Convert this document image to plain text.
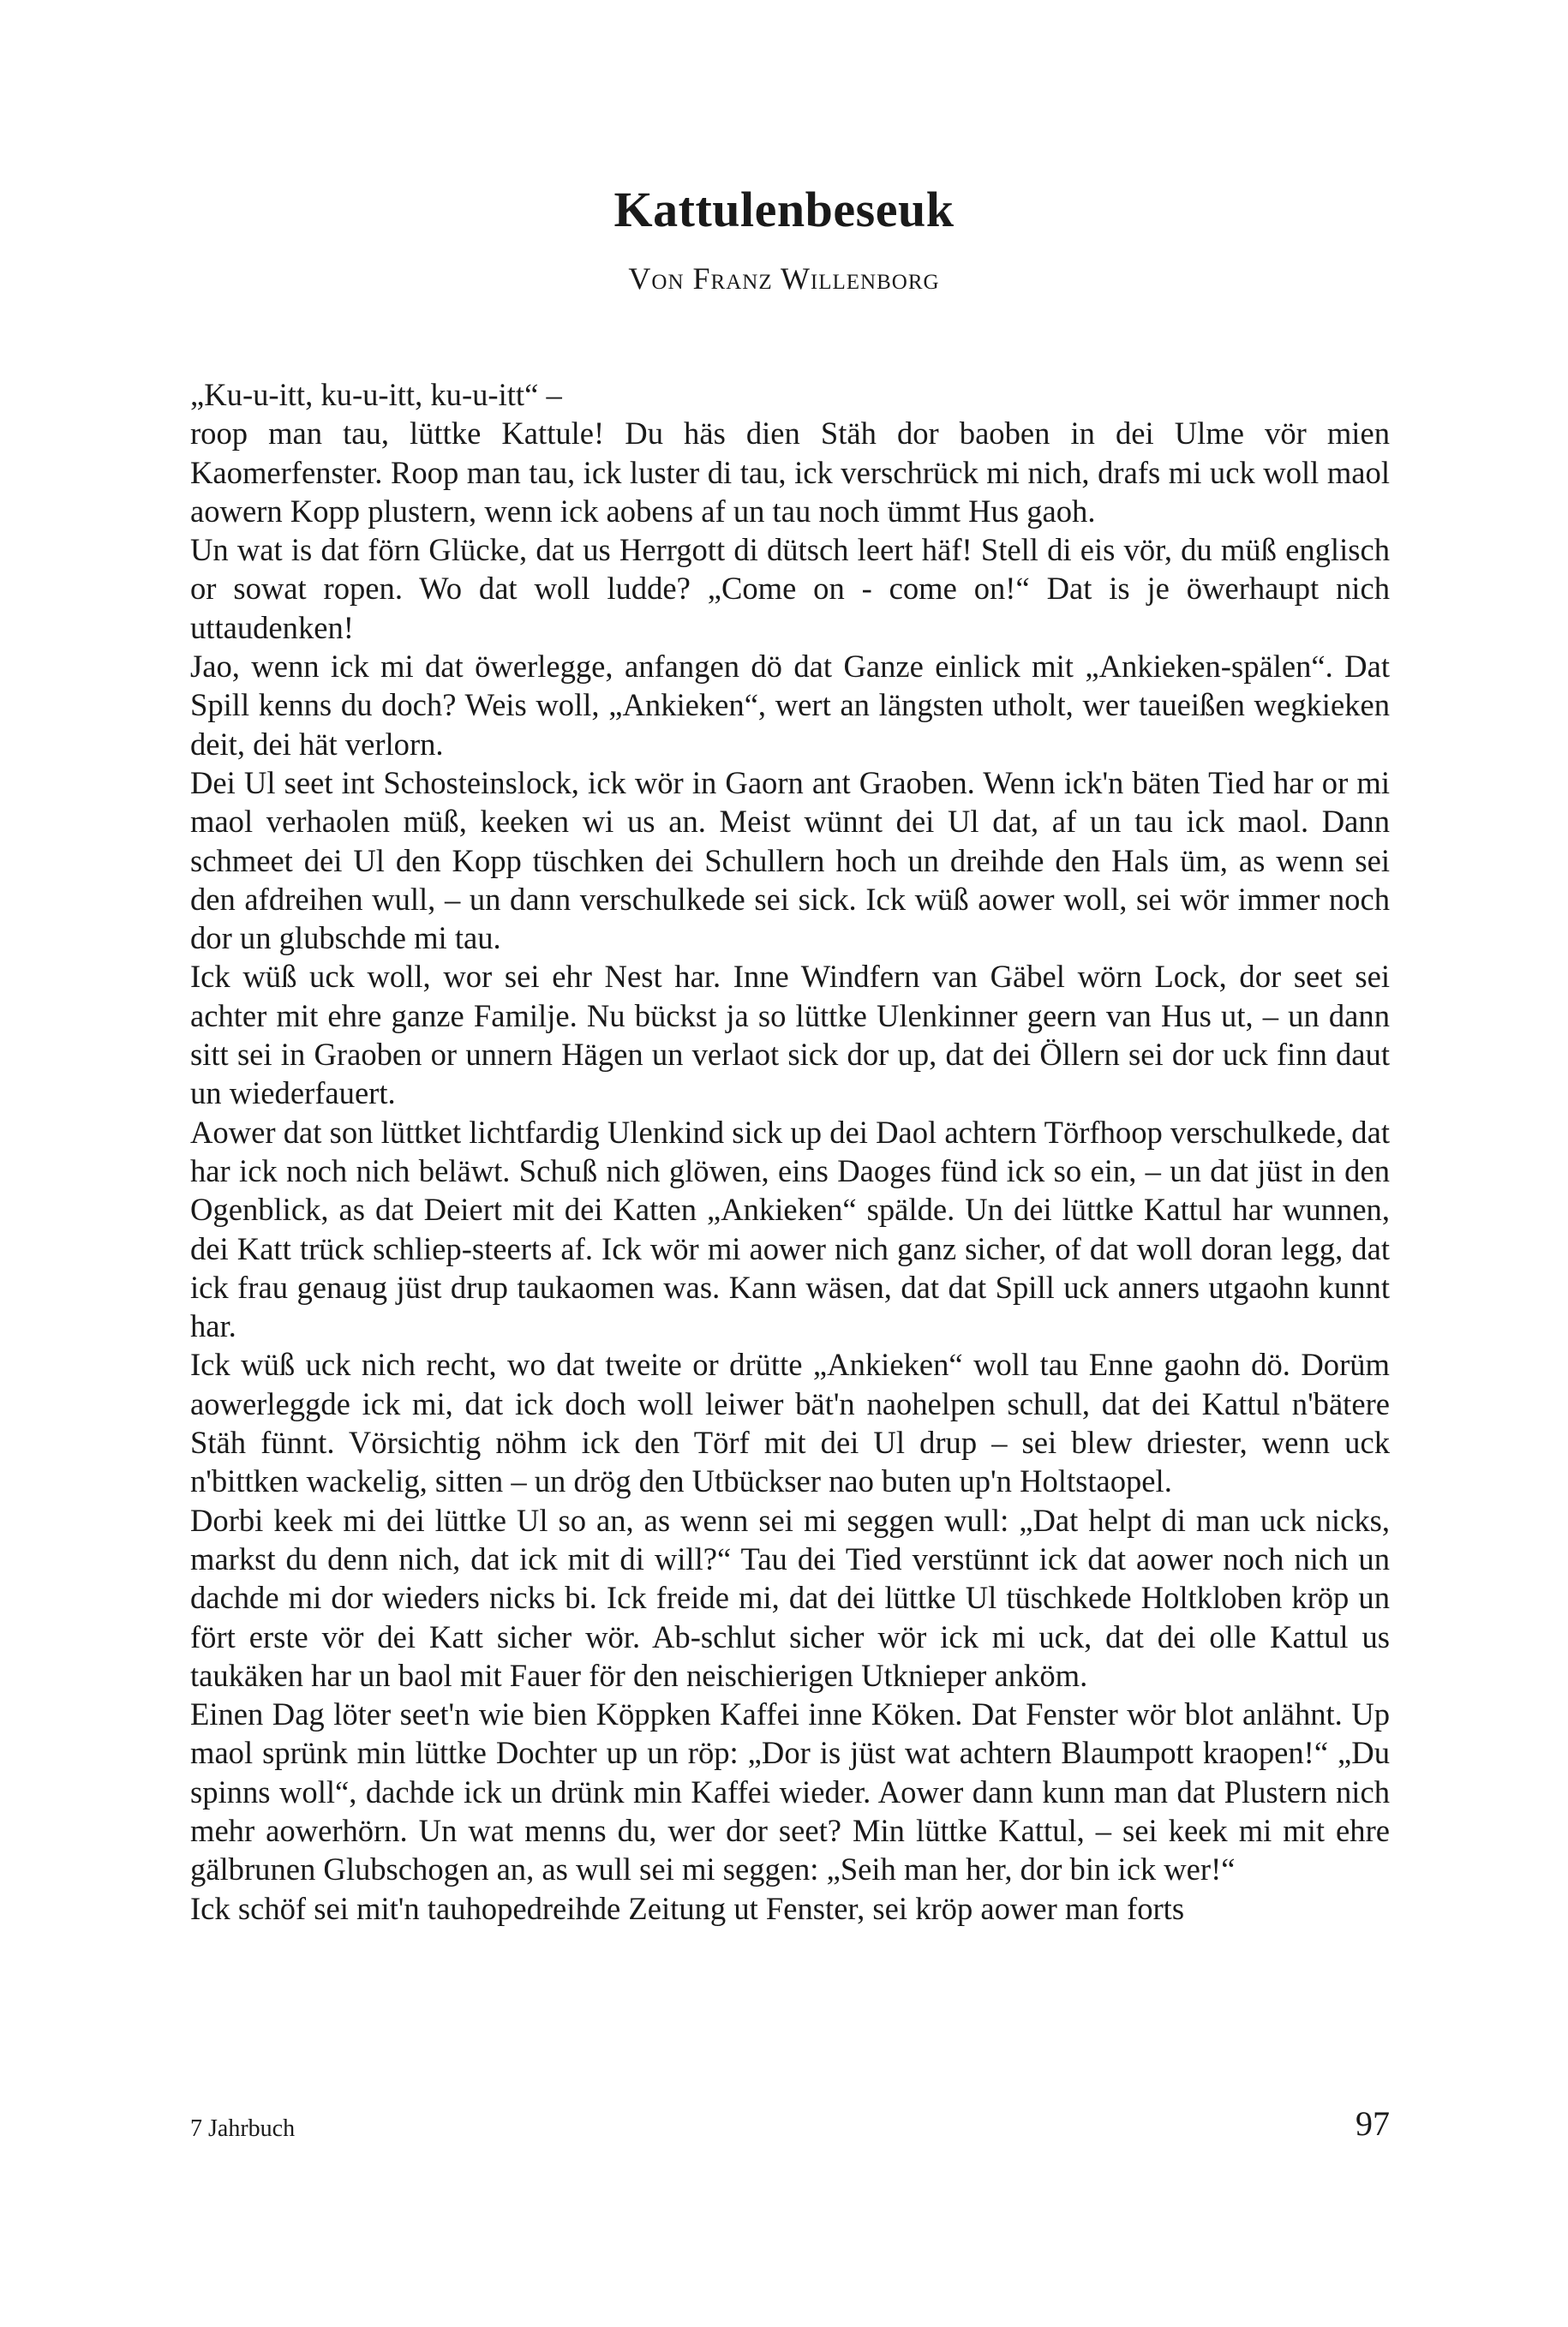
Kattulenbeseuk
Von Franz Willenborg

„Ku-u-itt, ku-u-itt, ku-u-itt“ –
roop man tau, lüttke Kattule! Du häs dien Stäh dor baoben in dei Ulme vör mien Kaomerfenster. Roop man tau, ick luster di tau, ick verschrück mi nich, drafs mi uck woll maol aowern Kopp plustern, wenn ick aobens af un tau noch ümmt Hus gaoh.

Un wat is dat förn Glücke, dat us Herrgott di dütsch leert häf! Stell di eis vör, du müß englisch or sowat ropen. Wo dat woll ludde? „Come on - come on!“ Dat is je öwerhaupt nich uttaudenken!

Jao, wenn ick mi dat öwerlegge, anfangen dö dat Ganze einlick mit „Ankieken-spälen“. Dat Spill kenns du doch? Weis woll, „Ankieken“, wert an längsten utholt, wer taueißen wegkieken deit, dei hät verlorn.

Dei Ul seet int Schosteinslock, ick wör in Gaorn ant Graoben. Wenn ick'n bäten Tied har or mi maol verhaolen müß, keeken wi us an. Meist wünnt dei Ul dat, af un tau ick maol. Dann schmeet dei Ul den Kopp tüschken dei Schullern hoch un dreihde den Hals üm, as wenn sei den afdreihen wull, – un dann verschulkede sei sick. Ick wüß aower woll, sei wör immer noch dor un glubschde mi tau.

Ick wüß uck woll, wor sei ehr Nest har. Inne Windfern van Gäbel wörn Lock, dor seet sei achter mit ehre ganze Familje. Nu bückst ja so lüttke Ulenkinner geern van Hus ut, – un dann sitt sei in Graoben or unnern Hägen un verlaot sick dor up, dat dei Öllern sei dor uck finn daut un wiederfauert.

Aower dat son lüttket lichtfardig Ulenkind sick up dei Daol achtern Törfhoop verschulkede, dat har ick noch nich beläwt. Schuß nich glöwen, eins Daoges fünd ick so ein, – un dat jüst in den Ogenblick, as dat Deiert mit dei Katten „Ankieken“ spälde. Un dei lüttke Kattul har wunnen, dei Katt trück schliep-steerts af. Ick wör mi aower nich ganz sicher, of dat woll doran legg, dat ick frau genaug jüst drup taukaomen was. Kann wäsen, dat dat Spill uck anners utgaohn kunnt har.

Ick wüß uck nich recht, wo dat tweite or drütte „Ankieken“ woll tau Enne gaohn dö. Dorüm aowerleggde ick mi, dat ick doch woll leiwer bät'n naohelpen schull, dat dei Kattul n'bätere Stäh fünnt. Vörsichtig nöhm ick den Törf mit dei Ul drup – sei blew driester, wenn uck n'bittken wackelig, sitten – un drög den Utbückser nao buten up'n Holtstaopel.

Dorbi keek mi dei lüttke Ul so an, as wenn sei mi seggen wull: „Dat helpt di man uck nicks, markst du denn nich, dat ick mit di will?“ Tau dei Tied verstünnt ick dat aower noch nich un dachde mi dor wieders nicks bi. Ick freide mi, dat dei lüttke Ul tüschkede Holtkloben kröp un fört erste vör dei Katt sicher wör. Ab-schlut sicher wör ick mi uck, dat dei olle Kattul us taukäken har un baol mit Fauer för den neischierigen Utknieper anköm.

Einen Dag löter seet'n wie bien Köppken Kaffei inne Köken. Dat Fenster wör blot anlähnt. Up maol sprünk min lüttke Dochter up un röp: „Dor is jüst wat achtern Blaumpott kraopen!“ „Du spinns woll“, dachde ick un drünk min Kaffei wieder. Aower dann kunn man dat Plustern nich mehr aowerhörn. Un wat menns du, wer dor seet? Min lüttke Kattul, – sei keek mi mit ehre gälbrunen Glubschogen an, as wull sei mi seggen: „Seih man her, dor bin ick wer!“

Ick schöf sei mit'n tauhopedreihde Zeitung ut Fenster, sei kröp aower man forts

7 Jahrbuch	97
